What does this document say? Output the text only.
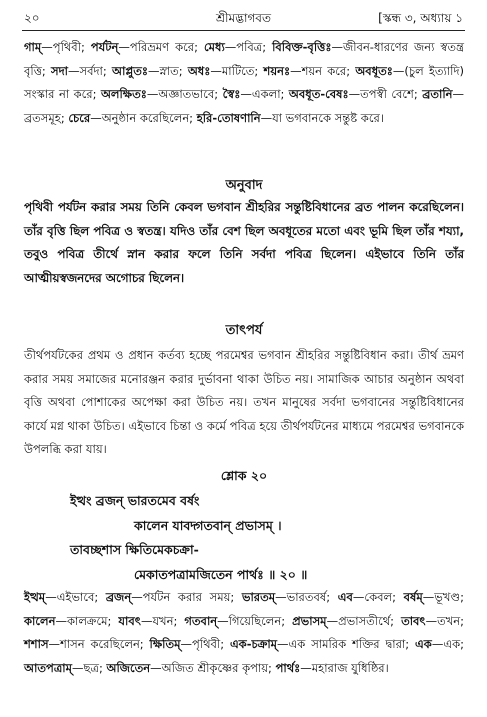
২০	শ্রীমদ্ভাগবত	[স্কন্ধ ৩, অধ্যায় ১

গাম্—পৃথিবী; পর্যটন্—পরিভ্রমণ করে; মেধ্য—পবিত্র; বিবিক্ত-বৃত্তিঃ—জীবন-ধারণের জন্য স্বতন্ত্র বৃত্তি; সদা—সর্বদা; আপ্লুতঃ—স্নাত; অধঃ—মাটিতে; শয়নঃ—শয়ন করে; অবধূতঃ—(চুল ইত্যাদি) সংস্কার না করে; অলক্ষিতঃ—অজ্ঞাতভাবে; স্বৈঃ—একলা; অবধূত-বেষঃ—তপস্বী বেশে; ব্রতানি—ব্রতসমূহ; চেরে—অনুষ্ঠান করেছিলেন; হরি-তোষণানি—যা ভগবানকে সন্তুষ্ট করে।

অনুবাদ

পৃথিবী পর্যটন করার সময় তিনি কেবল ভগবান শ্রীহরির সন্তুষ্টিবিধানের ব্রত পালন করেছিলেন। তাঁর বৃত্তি ছিল পবিত্র ও স্বতন্ত্র। যদিও তাঁর বেশ ছিল অবধূতের মতো এবং ভূমি ছিল তাঁর শয্যা, তবুও পবিত্র তীর্থে স্নান করার ফলে তিনি সর্বদা পবিত্র ছিলেন। এইভাবে তিনি তাঁর আত্মীয়স্বজনদের অগোচর ছিলেন।

তাৎপর্য

তীর্থপর্যটকের প্রথম ও প্রধান কর্তব্য হচ্ছে পরমেশ্বর ভগবান শ্রীহরির সন্তুষ্টিবিধান করা। তীর্থ ভ্রমণ করার সময় সমাজের মনোরঞ্জন করার দুর্ভাবনা থাকা উচিত নয়। সামাজিক আচার অনুষ্ঠান অথবা বৃত্তি অথবা পোশাকের অপেক্ষা করা উচিত নয়। তখন মানুষের সর্বদা ভগবানের সন্তুষ্টিবিধানের কার্যে মগ্ন থাকা উচিত। এইভাবে চিন্তা ও কর্মে পবিত্র হয়ে তীর্থপর্যটনের মাধ্যমে পরমেশ্বর ভগবানকে উপলব্ধি করা যায়।

শ্লোক ২০
ইত্থং ব্রজন্ ভারতমেব বর্ষং
কালেন যাবদ্গতবান্ প্রভাসম্ ।
তাবচ্ছশাস ক্ষিতিমেকচক্রা-
মেকাতপত্রামজিতেন পার্থঃ ॥ ২০ ॥

ইত্থম্—এইভাবে; ব্রজন্—পর্যটন করার সময়; ভারতম্—ভারতবর্ষ; এব—কেবল; বর্ষম্—ভূখণ্ড; কালেন—কালক্রমে; যাবৎ—যখন; গতবান্—গিয়েছিলেন; প্রভাসম্—প্রভাসতীর্থে; তাবৎ—তখন; শশাস—শাসন করেছিলেন; ক্ষিতিম্—পৃথিবী; এক-চক্রাম্—এক সামরিক শক্তির দ্বারা; এক—এক; আতপত্রাম্—ছত্র; অজিতেন—অজিত শ্রীকৃষ্ণের কৃপায়; পার্থঃ—মহারাজ যুধিষ্ঠির।
